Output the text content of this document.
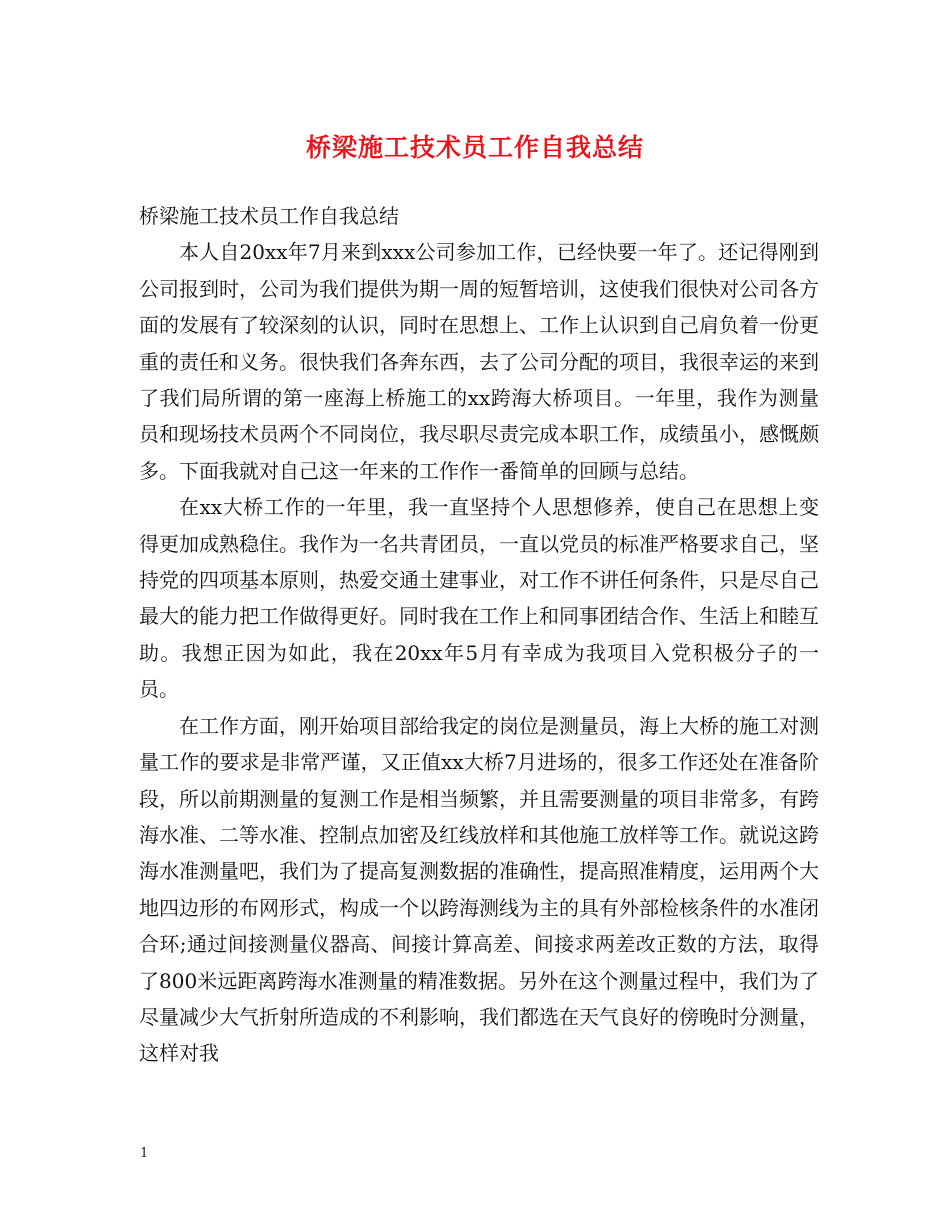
桥梁施工技术员工作自我总结

桥梁施工技术员工作自我总结

本人自20xx年7月来到xxx公司参加工作，已经快要一年了。还记得刚到公司报到时，公司为我们提供为期一周的短暂培训，这使我们很快对公司各方面的发展有了较深刻的认识，同时在思想上、工作上认识到自己肩负着一份更重的责任和义务。很快我们各奔东西，去了公司分配的项目，我很幸运的来到了我们局所谓的第一座海上桥施工的xx跨海大桥项目。一年里，我作为测量员和现场技术员两个不同岗位，我尽职尽责完成本职工作，成绩虽小，感慨颇多。下面我就对自己这一年来的工作作一番简单的回顾与总结。

在xx大桥工作的一年里，我一直坚持个人思想修养，使自己在思想上变得更加成熟稳住。我作为一名共青团员，一直以党员的标准严格要求自己，坚持党的四项基本原则，热爱交通土建事业，对工作不讲任何条件，只是尽自己最大的能力把工作做得更好。同时我在工作上和同事团结合作、生活上和睦互助。我想正因为如此，我在20xx年5月有幸成为我项目入党积极分子的一员。

在工作方面，刚开始项目部给我定的岗位是测量员，海上大桥的施工对测量工作的要求是非常严谨，又正值xx大桥7月进场的，很多工作还处在准备阶段，所以前期测量的复测工作是相当频繁，并且需要测量的项目非常多，有跨海水准、二等水准、控制点加密及红线放样和其他施工放样等工作。就说这跨海水准测量吧，我们为了提高复测数据的准确性，提高照准精度，运用两个大地四边形的布网形式，构成一个以跨海测线为主的具有外部检核条件的水准闭合环;通过间接测量仪器高、间接计算高差、间接求两差改正数的方法，取得了800米远距离跨海水准测量的精准数据。另外在这个测量过程中，我们为了尽量减少大气折射所造成的不利影响，我们都选在天气良好的傍晚时分测量，这样对我

1
